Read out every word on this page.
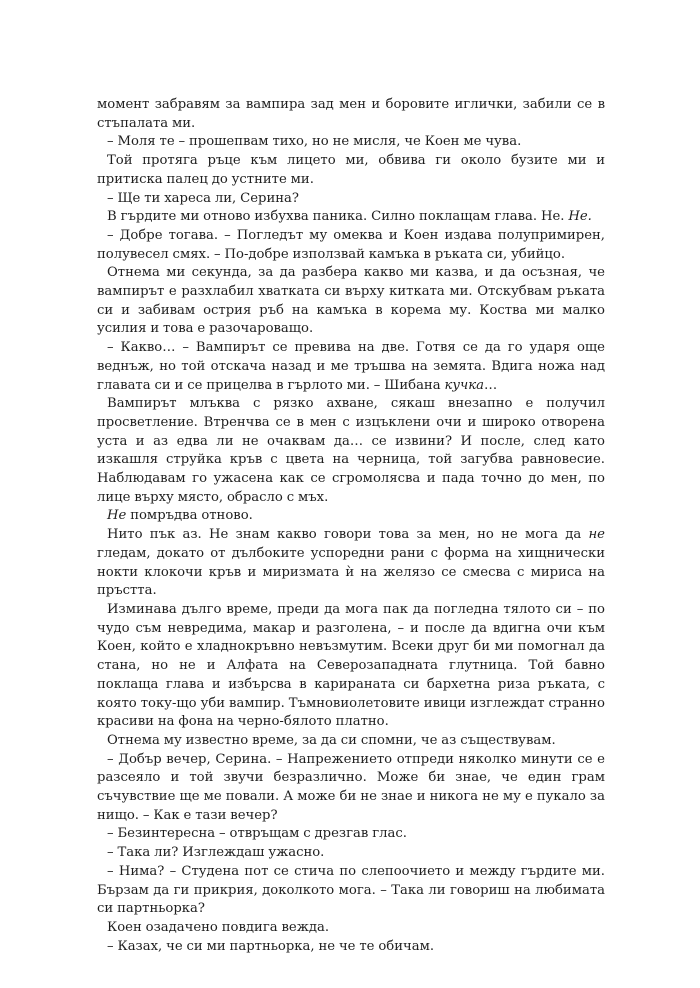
момент забравям за вампира зад мен и боровите иглички, забили се в стъпалата ми.

– Моля те – прошепвам тихо, но не мисля, че Коен ме чува.

Той протяга ръце към лицето ми, обвива ги около бузите ми и притиска палец до устните ми.

– Ще ти хареса ли, Серина?

В гърдите ми отново избухва паника. Силно поклащам глава. Не. Не.

– Добре тогава. – Погледът му омеква и Коен издава полупримирен, полувесел смях. – По-добре използвай камъка в ръката си, убийцо.

Отнема ми секунда, за да разбера какво ми казва, и да осъзная, че вампирът е разхлабил хватката си върху китката ми. Отскубвам ръката си и забивам острия ръб на камъка в корема му. Коства ми малко усилия и това е разочароващо.

– Какво… – Вампирът се превива на две. Готвя се да го ударя още веднъж, но той отскача назад и ме тръшва на земята. Вдига ножа над главата си и се прицелва в гърлото ми. – Шибана кучка…

Вампирът млъква с рязко ахване, сякаш внезапно е получил просветление. Втренчва се в мен с изцъклени очи и широко отворена уста и аз едва ли не очаквам да… се извини? И после, след като изкашля струйка кръв с цвета на черница, той загубва равновесие. Наблюдавам го ужасена как се сгромолясва и пада точно до мен, по лице върху място, обрасло с мъх.

Не помръдва отново.

Нито пък аз. Не знам какво говори това за мен, но не мога да не гледам, докато от дълбоките успоредни рани с форма на хищнически нокти клокочи кръв и миризмата ѝ на желязо се смесва с мириса на пръстта.

Изминава дълго време, преди да мога пак да погледна тялото си – по чудо съм невредима, макар и разголена, – и после да вдигна очи към Коен, който е хладнокръвно невъзмутим. Всеки друг би ми помогнал да стана, но не и Алфата на Северозападната глутница. Той бавно поклаща глава и избърсва в карираната си бархетна риза ръката, с която току-що уби вампир. Тъмновиолетовите ивици изглеждат странно красиви на фона на черно-бялото платно.

Отнема му известно време, за да си спомни, че аз съществувам.

– Добър вечер, Серина. – Напрежението отпреди няколко минути се е разсеяло и той звучи безразлично. Може би знае, че един грам съчувствие ще ме повали. А може би не знае и никога не му е пукало за нищо. – Как е тази вечер?

– Безинтересна – отвръщам с дрезгав глас.

– Така ли? Изглеждаш ужасно.

– Нима? – Студена пот се стича по слепоочието и между гърдите ми. Бързам да ги прикрия, доколкото мога. – Така ли говориш на любимата си партньорка?

Коен озадачено повдига вежда.

– Казах, че си ми партньорка, не че те обичам.
